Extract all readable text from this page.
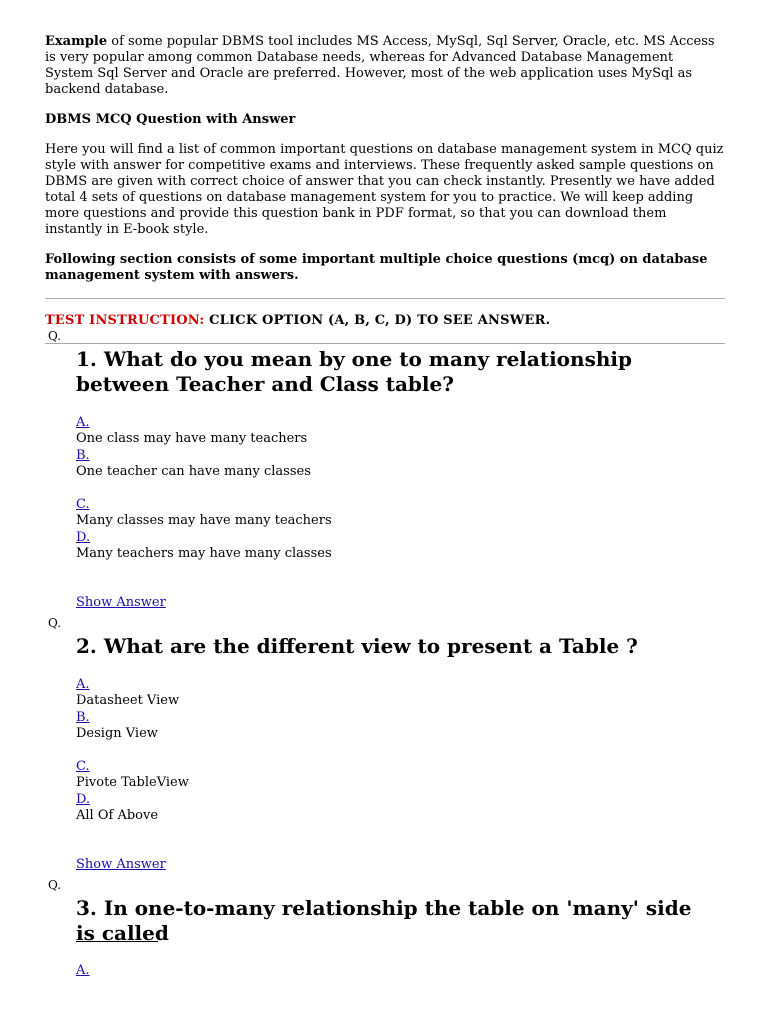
Example of some popular DBMS tool includes MS Access, MySql, Sql Server, Oracle, etc. MS Access is very popular among common Database needs, whereas for Advanced Database Management System Sql Server and Oracle are preferred. However, most of the web application uses MySql as backend database.

DBMS MCQ Question with Answer

Here you will find a list of common important questions on database management system in MCQ quiz style with answer for competitive exams and interviews. These frequently asked sample questions on DBMS are given with correct choice of answer that you can check instantly. Presently we have added total 4 sets of questions on database management system for you to practice. We will keep adding more questions and provide this question bank in PDF format, so that you can download them instantly in E-book style.

Following section consists of some important multiple choice questions (mcq) on database management system with answers.

TEST INSTRUCTION: CLICK OPTION (A, B, C, D) TO SEE ANSWER.
Q.
1. What do you mean by one to many relationship between Teacher and Class table?
A.
One class may have many teachers
B.
One teacher can have many classes
C.
Many classes may have many teachers
D.
Many teachers may have many classes
Show Answer
Q.
2. What are the different view to present a Table ?
A.
Datasheet View
B.
Design View
C.
Pivote TableView
D.
All Of Above
Show Answer
Q.
3. In one-to-many relationship the table on 'many' side is called
A.
